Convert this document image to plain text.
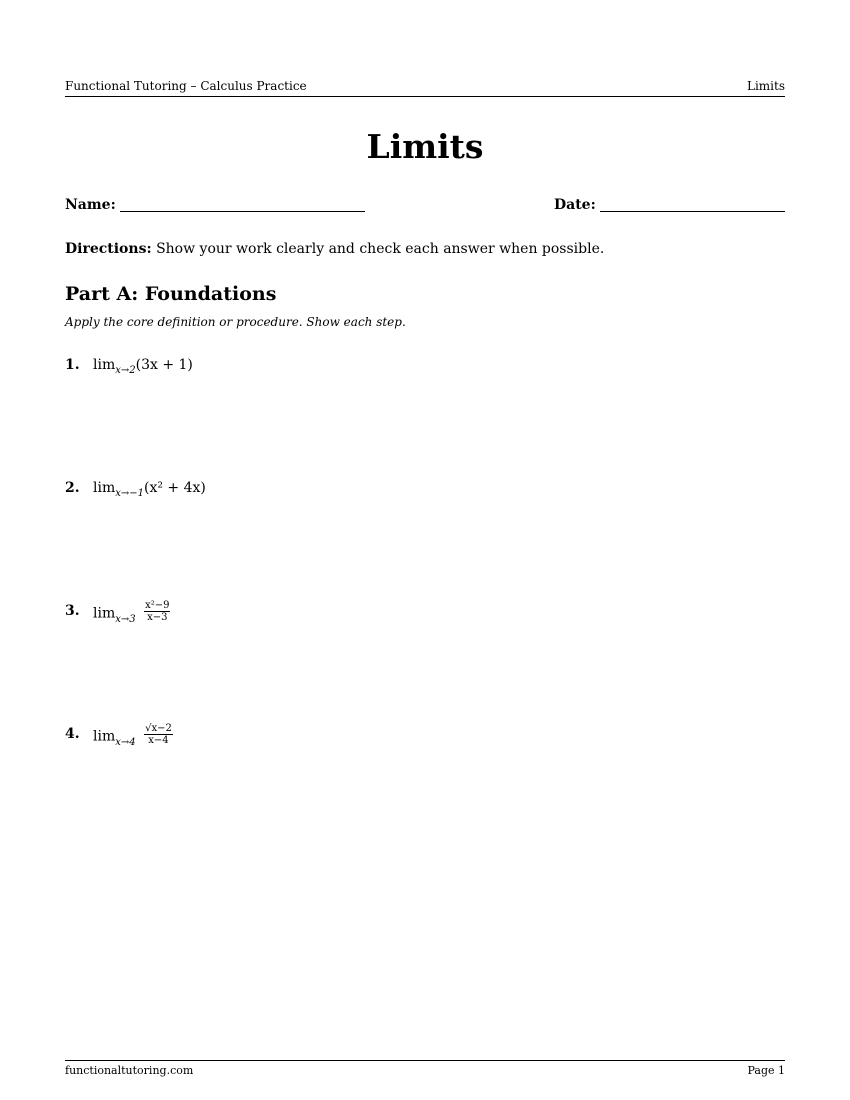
Functional Tutoring – Calculus Practice	Limits
Limits
Name:	Date:
Directions: Show your work clearly and check each answer when possible.
Part A: Foundations
Apply the core definition or procedure. Show each step.
1. $\lim_{x\to 2}(3x + 1)$
2. $\lim_{x\to-1}(x^2 + 4x)$
3. $\lim_{x\to 3} \frac{\text{x²−9}}{x-3}$
4. $\lim_{x\to 4} \frac{√x-2}{x-4}$
functionaltutoring.com	Page 1
